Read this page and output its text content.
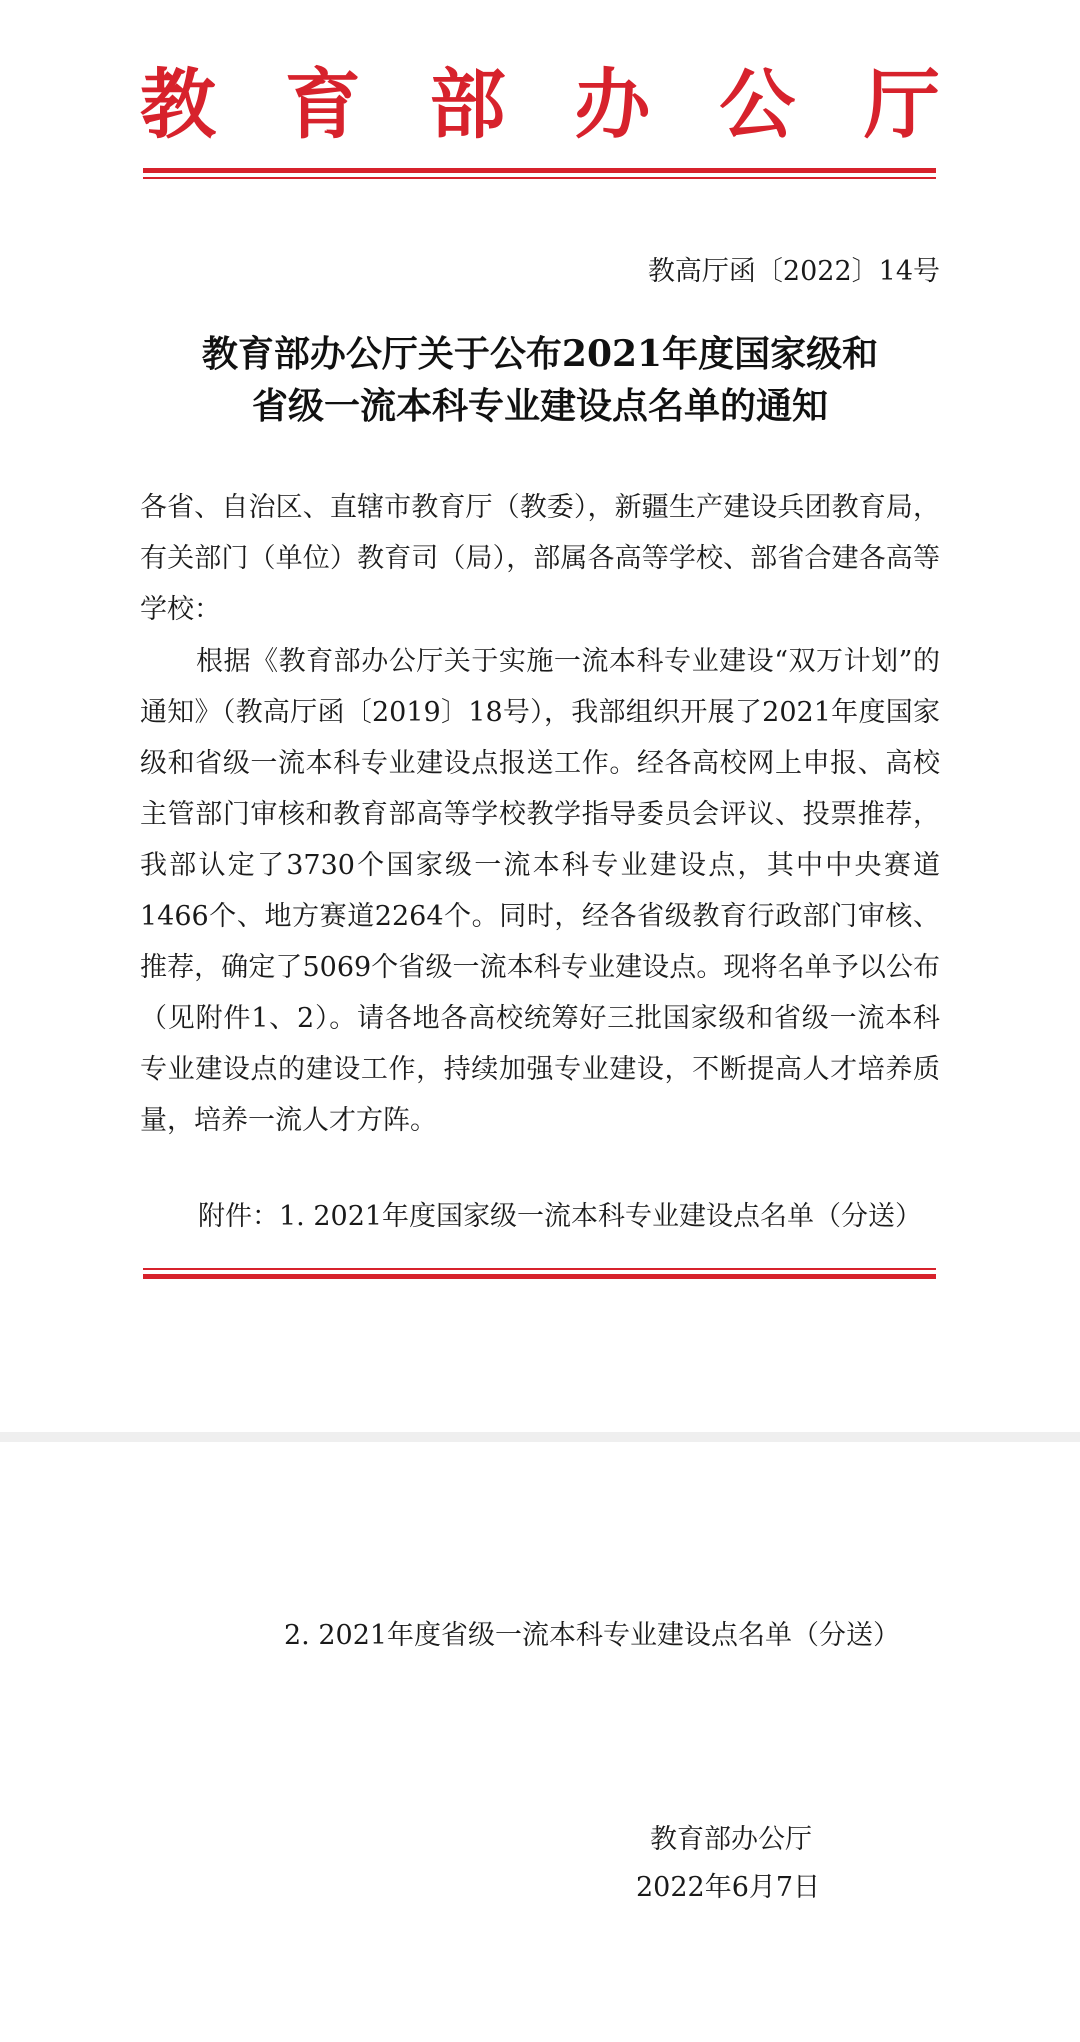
教 育 部 办 公 厅
教高厅函〔2022〕14号
教育部办公厅关于公布2021年度国家级和
省级一流本科专业建设点名单的通知
各省、自治区、直辖市教育厅（教委），新疆生产建设兵团教育局，有关部门（单位）教育司（局），部属各高等学校、部省合建各高等学校：
根据《教育部办公厅关于实施一流本科专业建设“双万计划”的通知》（教高厅函〔2019〕18号），我部组织开展了2021年度国家级和省级一流本科专业建设点报送工作。经各高校网上申报、高校主管部门审核和教育部高等学校教学指导委员会评议、投票推荐，我部认定了3730个国家级一流本科专业建设点，其中中央赛道1466个、地方赛道2264个。同时，经各省级教育行政部门审核、推荐，确定了5069个省级一流本科专业建设点。现将名单予以公布（见附件1、2）。请各地各高校统筹好三批国家级和省级一流本科专业建设点的建设工作，持续加强专业建设，不断提高人才培养质量，培养一流人才方阵。
附件：1. 2021年度国家级一流本科专业建设点名单（分送）
2. 2021年度省级一流本科专业建设点名单（分送）
教育部办公厅
2022年6月7日
